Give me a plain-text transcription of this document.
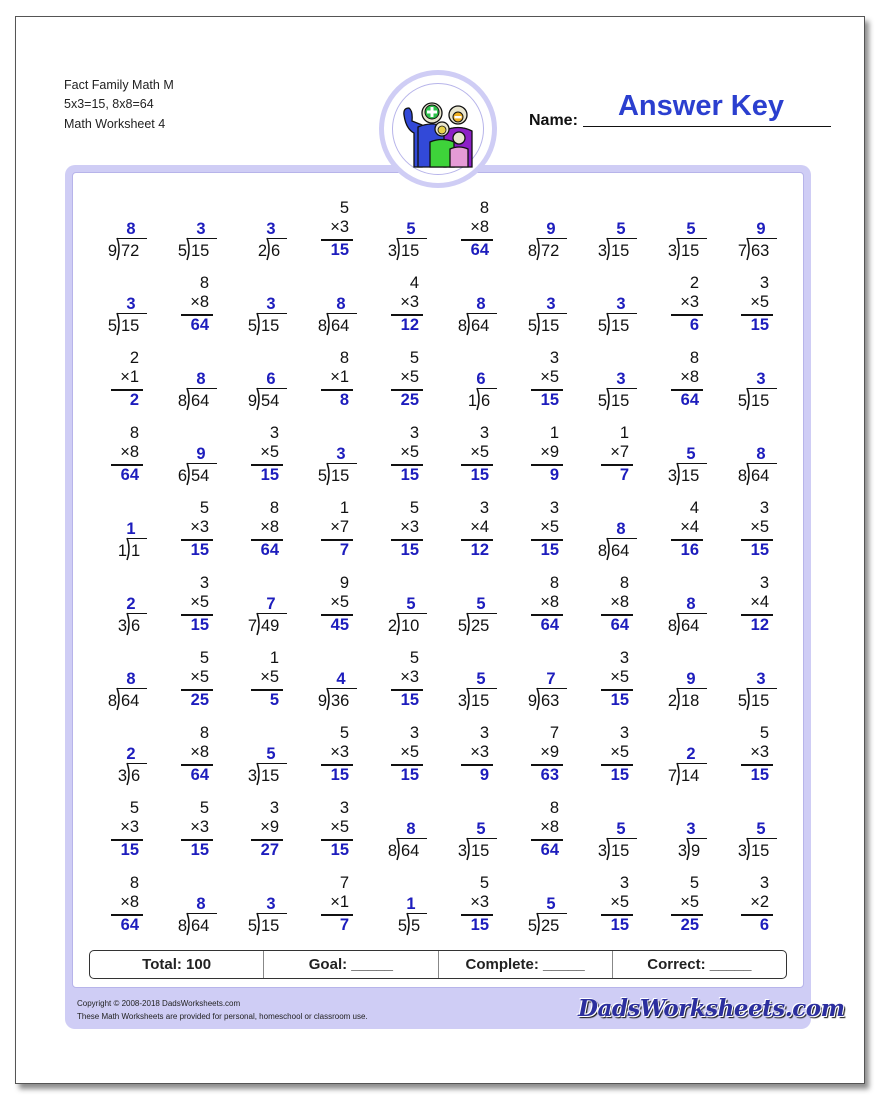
Fact Family Math M
5x3=15, 8x8=64
Math Worksheet 4	Name:	Answer Key
8
9 72
3
5 15
3
2 6
5
×3
15
5
3 15
8
×8
64
9
8 72
5
3 15
5
3 15
9
7 63
3
5 15
8
×8
64
3
5 15
8
8 64
4
×3
12
8
8 64
3
5 15
3
5 15
2
×3
6
3
×5
15
2
×1
2
8
8 64
6
9 54
8
×1
8
5
×5
25
6
1 6
3
×5
15
3
5 15
8
×8
64
3
5 15
8
×8
64
9
6 54
3
×5
15
3
5 15
3
×5
15
3
×5
15
1
×9
9
1
×7
7
5
3 15
8
8 64
1
1 1
5
×3
15
8
×8
64
1
×7
7
5
×3
15
3
×4
12
3
×5
15
8
8 64
4
×4
16
3
×5
15
2
3 6
3
×5
15
7
7 49
9
×5
45
5
2 10
5
5 25
8
×8
64
8
×8
64
8
8 64
3
×4
12
8
8 64
5
×5
25
1
×5
5
4
9 36
5
×3
15
5
3 15
7
9 63
3
×5
15
9
2 18
3
5 15
2
3 6
8
×8
64
5
3 15
5
×3
15
3
×5
15
3
×3
9
7
×9
63
3
×5
15
2
7 14
5
×3
15
5
×3
15
5
×3
15
3
×9
27
3
×5
15
8
8 64
5
3 15
8
×8
64
5
3 15
3
3 9
5
3 15
8
×8
64
8
8 64
3
5 15
7
×1
7
1
5 5
5
×3
15
5
5 25
3
×5
15
5
×5
25
3
×2
6
Total: 100	Goal: _____	Complete: _____	Correct: _____
Copyright © 2008-2018 DadsWorksheets.com
These Math Worksheets are provided for personal, homeschool or classroom use.	DadsWorksheets.com
